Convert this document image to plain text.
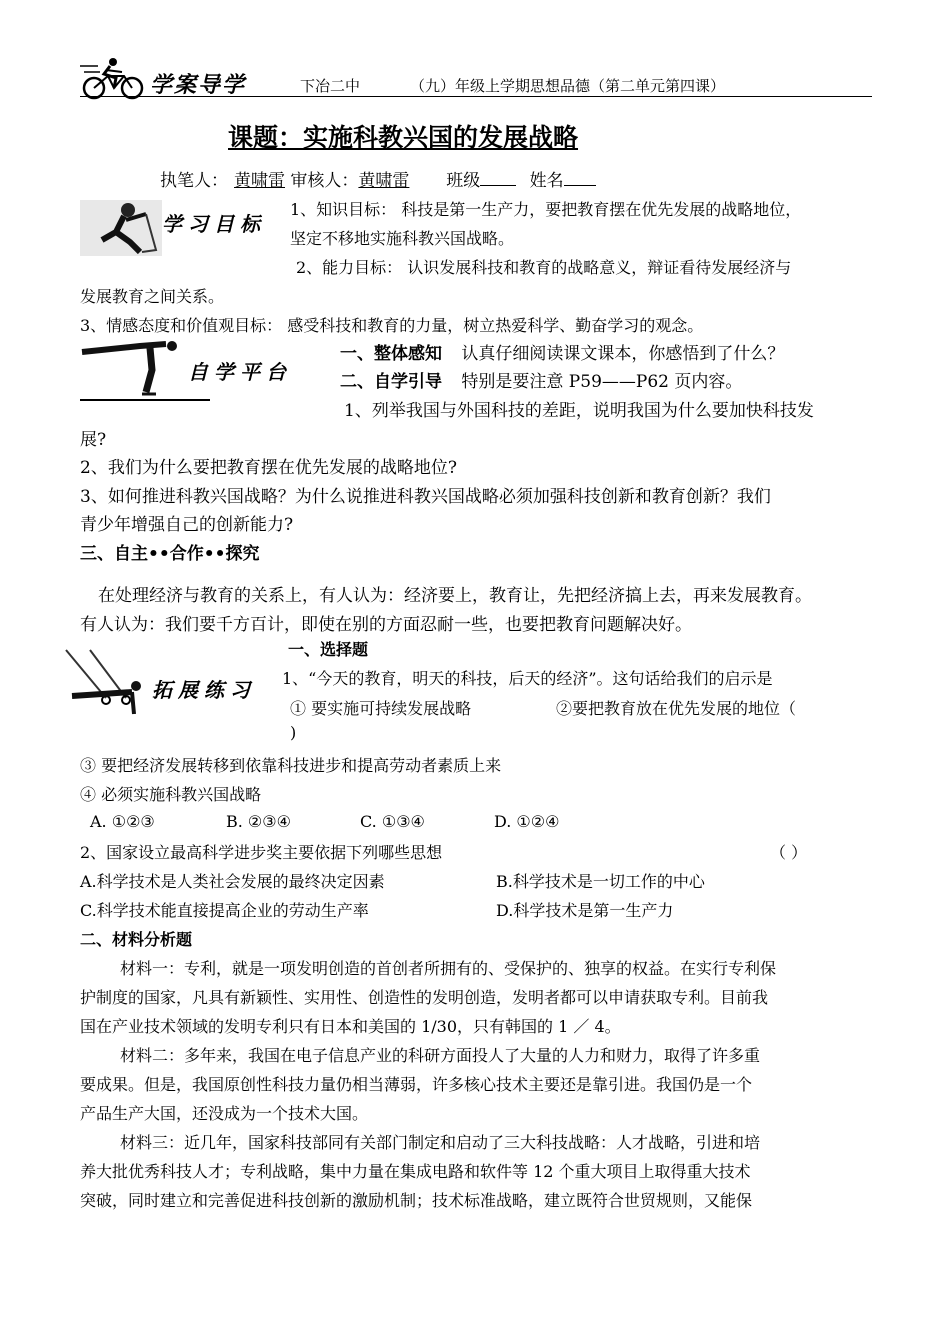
学案导学	下冶二中	（九）年级上学期思想品德（第二单元第四课）
课题：实施科教兴国的发展战略
执笔人： 黄啸雷 审核人：黄啸雷 班级	姓名
学习目标
1、知识目标： 科技是第一生产力，要把教育摆在优先发展的战略地位，
坚定不移地实施科教兴国战略。
2、能力目标： 认识发展科技和教育的战略意义，辩证看待发展经济与
发展教育之间关系。
3、情感态度和价值观目标： 感受科技和教育的力量，树立热爱科学、勤奋学习的观念。
自学平台
一、整体感知 认真仔细阅读课文课本，你感悟到了什么？
二、自学引导 特别是要注意 P59——P62 页内容。
1、列举我国与外国科技的差距，说明我国为什么要加快科技发
展?
2、我们为什么要把教育摆在优先发展的战略地位?
3、如何推进科教兴国战略？为什么说推进科教兴国战略必须加强科技创新和教育创新？我们
青少年增强自己的创新能力?
三、自主••合作••探究
在处理经济与教育的关系上，有人认为：经济要上，教育让，先把经济搞上去，再来发展教育。
有人认为：我们要千方百计，即使在别的方面忍耐一些，也要把教育问题解决好。
拓展练习
一、选择题
1、“今天的教育，明天的科技，后天的经济”。这句话给我们的启示是
① 要实施可持续发展战略	②要把教育放在优先发展的地位（
)
③ 要把经济发展转移到依靠科技进步和提高劳动者素质上来
④ 必须实施科教兴国战略
A. ①②③	B. ②③④	C. ①③④	D. ①②④
2、国家设立最高科学进步奖主要依据下列哪些思想	（ ）
A.科学技术是人类社会发展的最终决定因素	B.科学技术是一切工作的中心
C.科学技术能直接提高企业的劳动生产率	D.科学技术是第一生产力
二、材料分析题
材料一：专利，就是一项发明创造的首创者所拥有的、受保护的、独享的权益。在实行专利保
护制度的国家，凡具有新颖性、实用性、创造性的发明创造，发明者都可以申请获取专利。目前我
国在产业技术领域的发明专利只有日本和美国的 1/30，只有韩国的 1 ／ 4。
材料二：多年来，我国在电子信息产业的科研方面投人了大量的人力和财力，取得了许多重
要成果。但是，我国原创性科技力量仍相当薄弱，许多核心技术主要还是靠引进。我国仍是一个
产品生产大国，还没成为一个技术大国。
材料三：近几年，国家科技部同有关部门制定和启动了三大科技战略：人才战略，引进和培
养大批优秀科技人才；专利战略，集中力量在集成电路和软件等 12 个重大项目上取得重大技术
突破，同时建立和完善促进科技创新的激励机制；技术标准战略，建立既符合世贸规则，又能保
